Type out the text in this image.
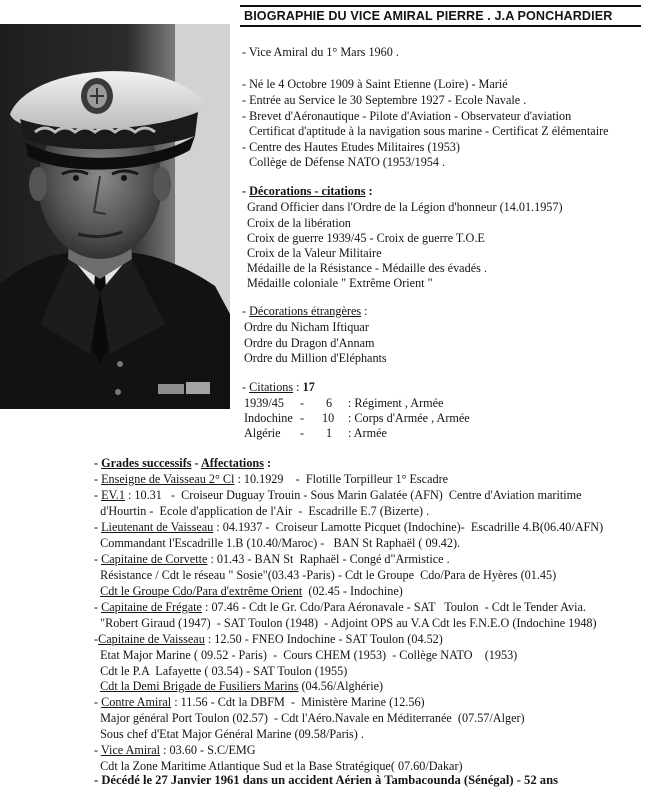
BIOGRAPHIE DU VICE AMIRAL PIERRE . J.A PONCHARDIER
- Vice Amiral du 1° Mars 1960 .
- Né le 4 Octobre 1909 à Saint Etienne (Loire) - Marié
- Entrée au Service le 30 Septembre 1927 - Ecole Navale .
- Brevet d'Aéronautique - Pilote d'Aviation - Observateur d'aviation
Certificat d'aptitude à la navigation sous marine - Certificat Z élémentaire
- Centre des Hautes Etudes Militaires (1953)
Collège de Défense NATO (1953/1954 .
- Décorations - citations :
Grand Officier dans l'Ordre de la Légion d'honneur (14.01.1957)
Croix de la libération
Croix de guerre 1939/45 - Croix de guerre T.O.E
Croix de la Valeur Militaire
Médaille de la Résistance - Médaille des évadés .
Médaille coloniale " Extrême Orient "
- Décorations étrangères :
Ordre du Nicham Iftiquar
Ordre du Dragon d'Annam
Ordre du Million d'Eléphants
- Citations : 17
1939/45 - 6 : Régiment , Armée
Indochine - 10 : Corps d'Armée , Armée
Algérie - 1 : Armée
- Grades successifs - Affectations :
- Enseigne de Vaisseau 2° Cl : 10.1929    -  Flotille Torpilleur 1° Escadre
- EV.1 : 10.31   -  Croiseur Duguay Trouin - Sous Marin Galatée (AFN)  Centre d'Aviation maritime
d'Hourtin -  Ecole d'application de l'Air  -  Escadrille E.7 (Bizerte) .
- Lieutenant de Vaisseau : 04.1937 -  Croiseur Lamotte Picquet (Indochine)-  Escadrille 4.B(06.40/AFN)
Commandant l'Escadrille 1.B (10.40/Maroc) -   BAN St Raphaël ( 09.42).
- Capitaine de Corvette : 01.43 - BAN St  Raphaël - Congé d"Armistice .
Résistance / Cdt le réseau " Sosie"(03.43 -Paris) - Cdt le Groupe  Cdo/Para de Hyères (01.45)
Cdt le Groupe Cdo/Para d'extrême Orient  (02.45 - Indochine)
- Capitaine de Frégate : 07.46 - Cdt le Gr. Cdo/Para Aéronavale - SAT   Toulon  - Cdt le Tender Avia.
"Robert Giraud (1947)  - SAT Toulon (1948)  - Adjoint OPS au V.A Cdt les F.N.E.O (Indochine 1948)
-Capitaine de Vaisseau : 12.50 - FNEO Indochine - SAT Toulon (04.52)
Etat Major Marine ( 09.52 - Paris)  -  Cours CHEM (1953)  - Collège NATO    (1953)
Cdt le P.A  Lafayette ( 03.54) - SAT Toulon (1955)
Cdt la Demi Brigade de Fusiliers Marins (04.56/Alghérie)
- Contre Amiral : 11.56 - Cdt la DBFM  -  Ministère Marine (12.56)
Major général Port Toulon (02.57)  - Cdt l'Aéro.Navale en Méditerranée  (07.57/Alger)
Sous chef d'Etat Major Général Marine (09.58/Paris) .
- Vice Amiral : 03.60 - S.C/EMG
Cdt la Zone Maritime Atlantique Sud et la Base Stratégique( 07.60/Dakar)
- Décédé le 27 Janvier 1961 dans un accident Aérien à Tambacounda (Sénégal) - 52 ans
